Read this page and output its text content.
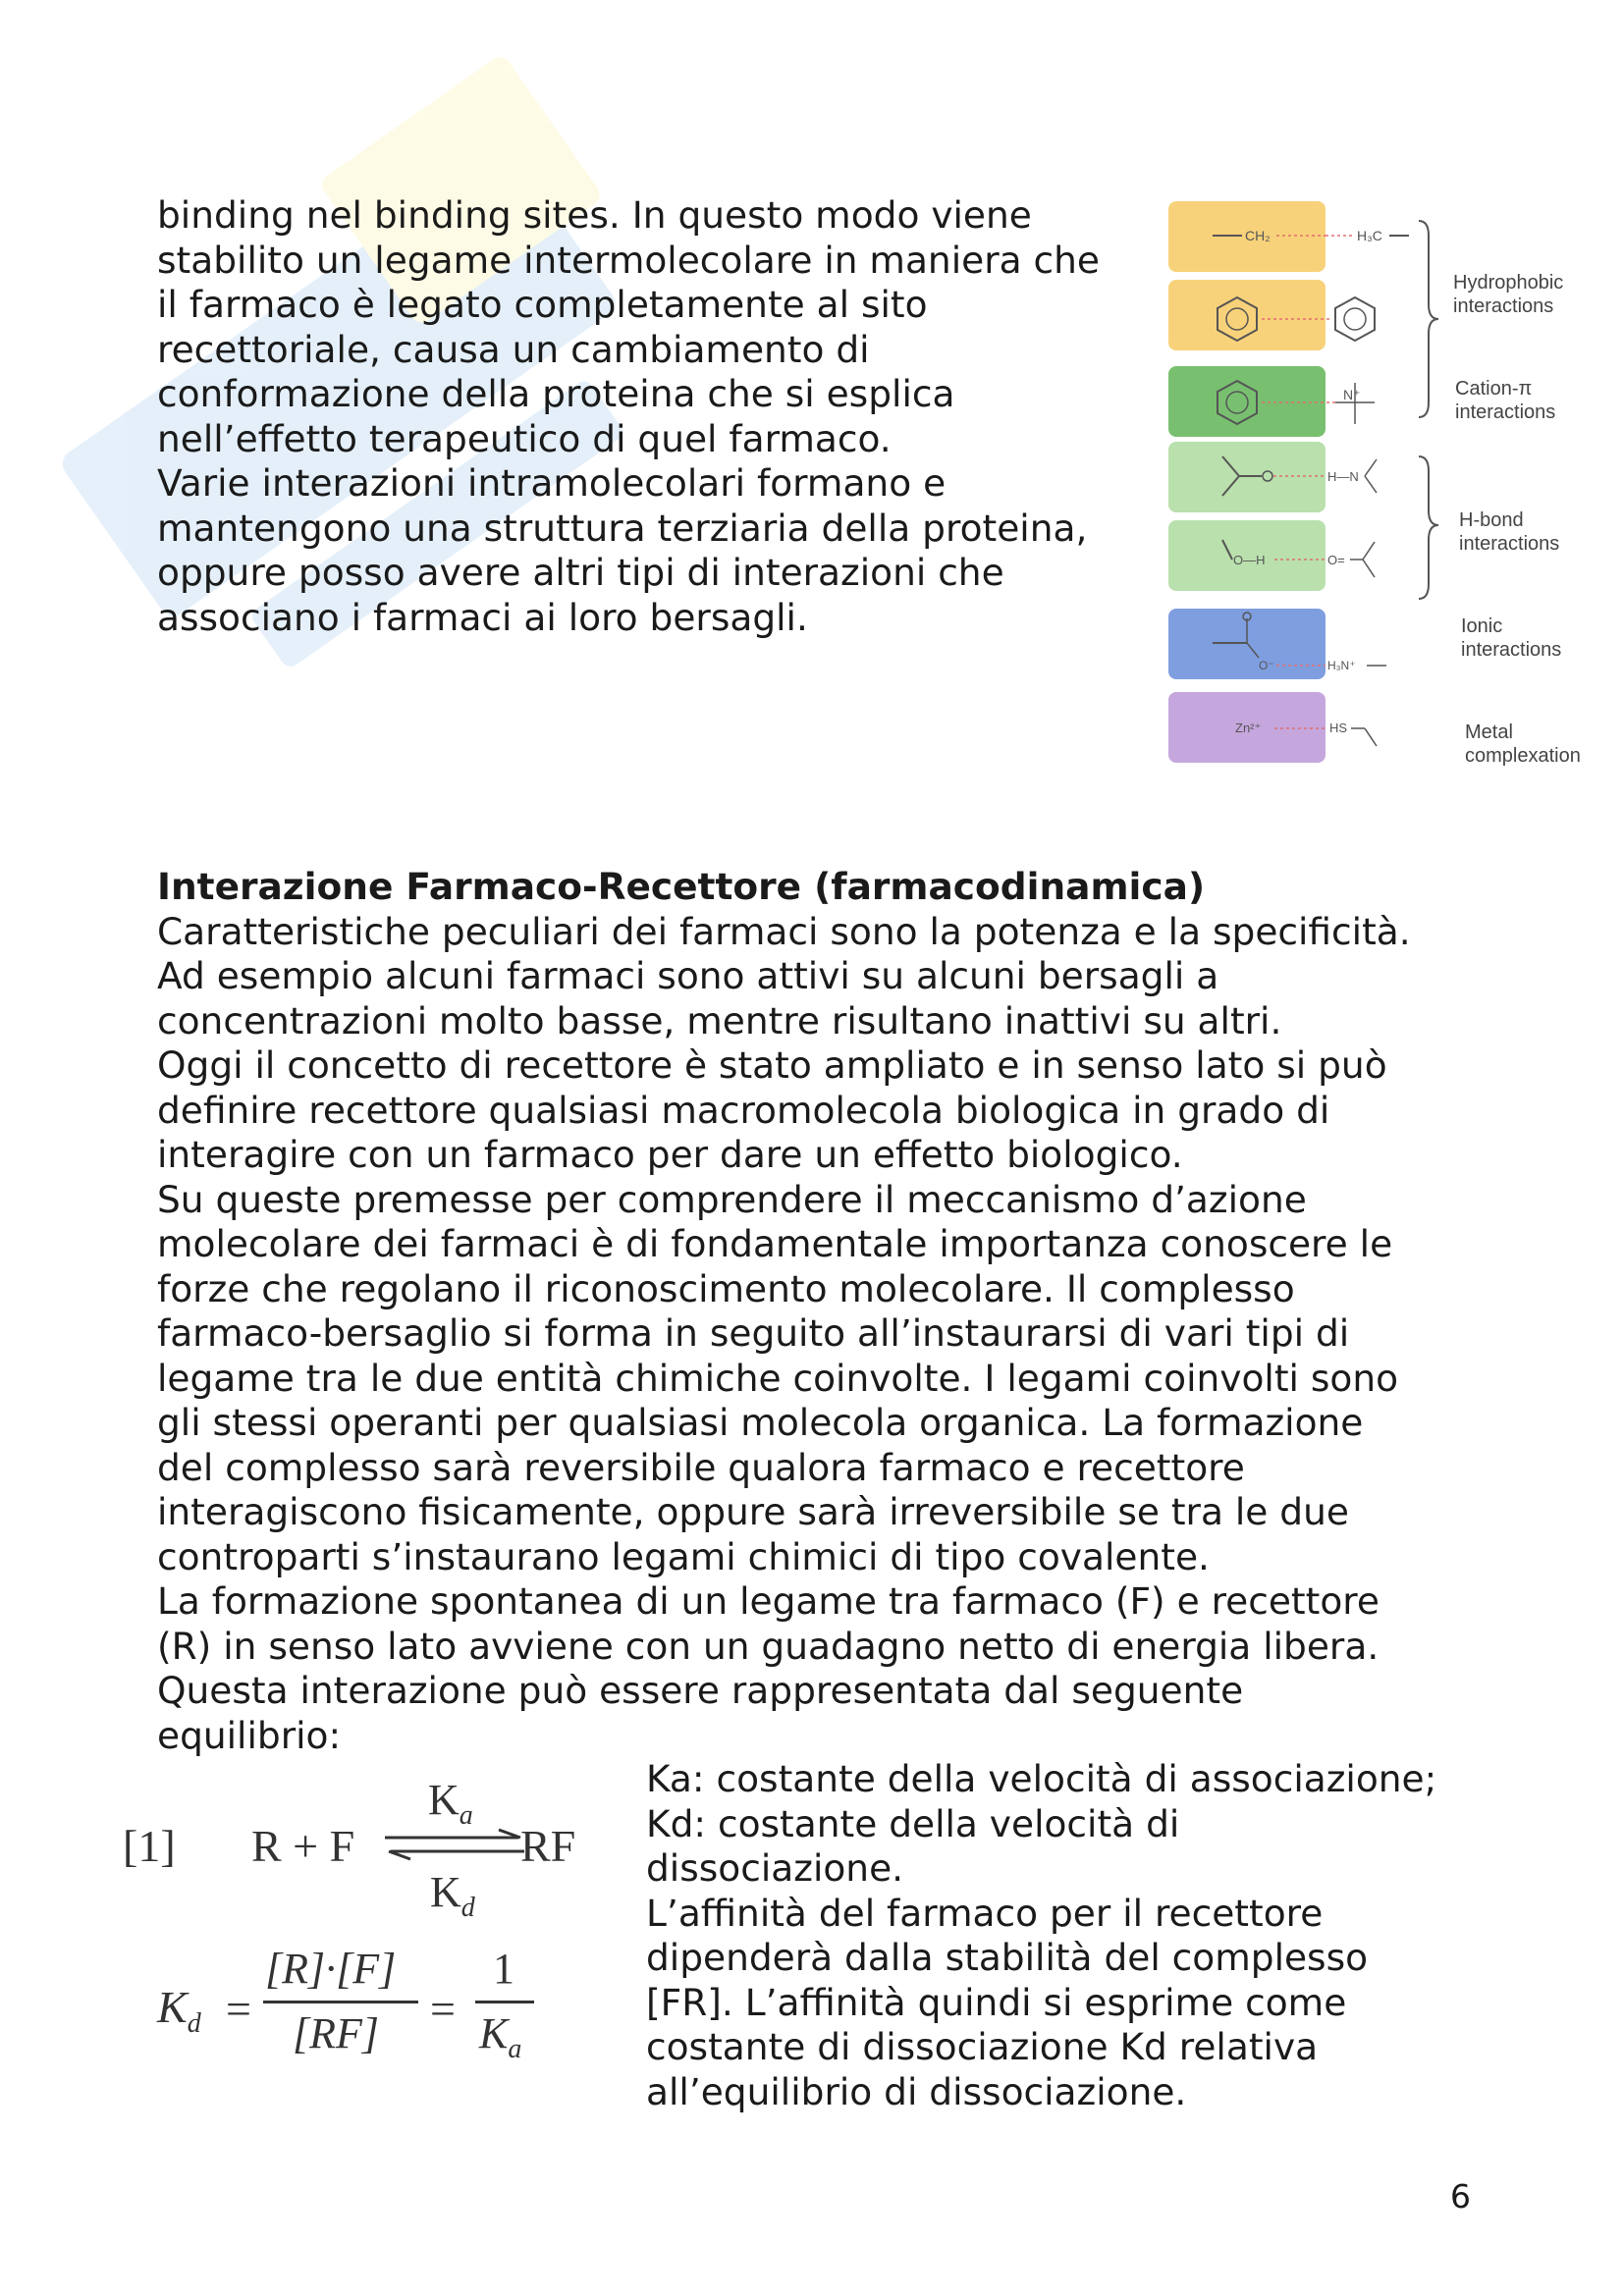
binding nel binding sites. In questo modo viene
stabilito un legame intermolecolare in maniera che
il farmaco è legato completamente al sito
recettoriale, causa un cambiamento di
conformazione della proteina che si esplica
nell’effetto terapeutico di quel farmaco.
Varie interazioni intramolecolari formano e
mantengono una struttura terziaria della proteina,
oppure posso avere altri tipi di interazioni che
associano i farmaci ai loro bersagli.
CH₂	H₃C
N⁺
H—N
O—H	O=
O⁻	H₃N⁺
Zn²⁺	HS
Hydrophobic
interactions
Cation-π
interactions
H-bond
interactions
Ionic
interactions
Metal
complexation
Interazione Farmaco-Recettore (farmacodinamica)
Caratteristiche peculiari dei farmaci sono la potenza e la specificità.
Ad esempio alcuni farmaci sono attivi su alcuni bersagli a
concentrazioni molto basse, mentre risultano inattivi su altri.
Oggi il concetto di recettore è stato ampliato e in senso lato si può
definire recettore qualsiasi macromolecola biologica in grado di
interagire con un farmaco per dare un effetto biologico.
Su queste premesse per comprendere il meccanismo d’azione
molecolare dei farmaci è di fondamentale importanza conoscere le
forze che regolano il riconoscimento molecolare. Il complesso
farmaco-bersaglio si forma in seguito all’instaurarsi di vari tipi di
legame tra le due entità chimiche coinvolte. I legami coinvolti sono
gli stessi operanti per qualsiasi molecola organica. La formazione
del complesso sarà reversibile qualora farmaco e recettore
interagiscono fisicamente, oppure sarà irreversibile se tra le due
controparti s’instaurano legami chimici di tipo covalente.
La formazione spontanea di un legame tra farmaco (F) e recettore
(R) in senso lato avviene con un guadagno netto di energia libera.
Questa interazione può essere rappresentata dal seguente
equilibrio:
[1] R + F
$K_a$
RF
$K_d$
$K_d$ =
[R]·[F]
[RF] =
1
$K_a$
Ka: costante della velocità di associazione;
Kd: costante della velocità di
dissociazione.
L’affinità del farmaco per il recettore
dipenderà dalla stabilità del complesso
[FR]. L’affinità quindi si esprime come
costante di dissociazione Kd relativa
all’equilibrio di dissociazione.
6
